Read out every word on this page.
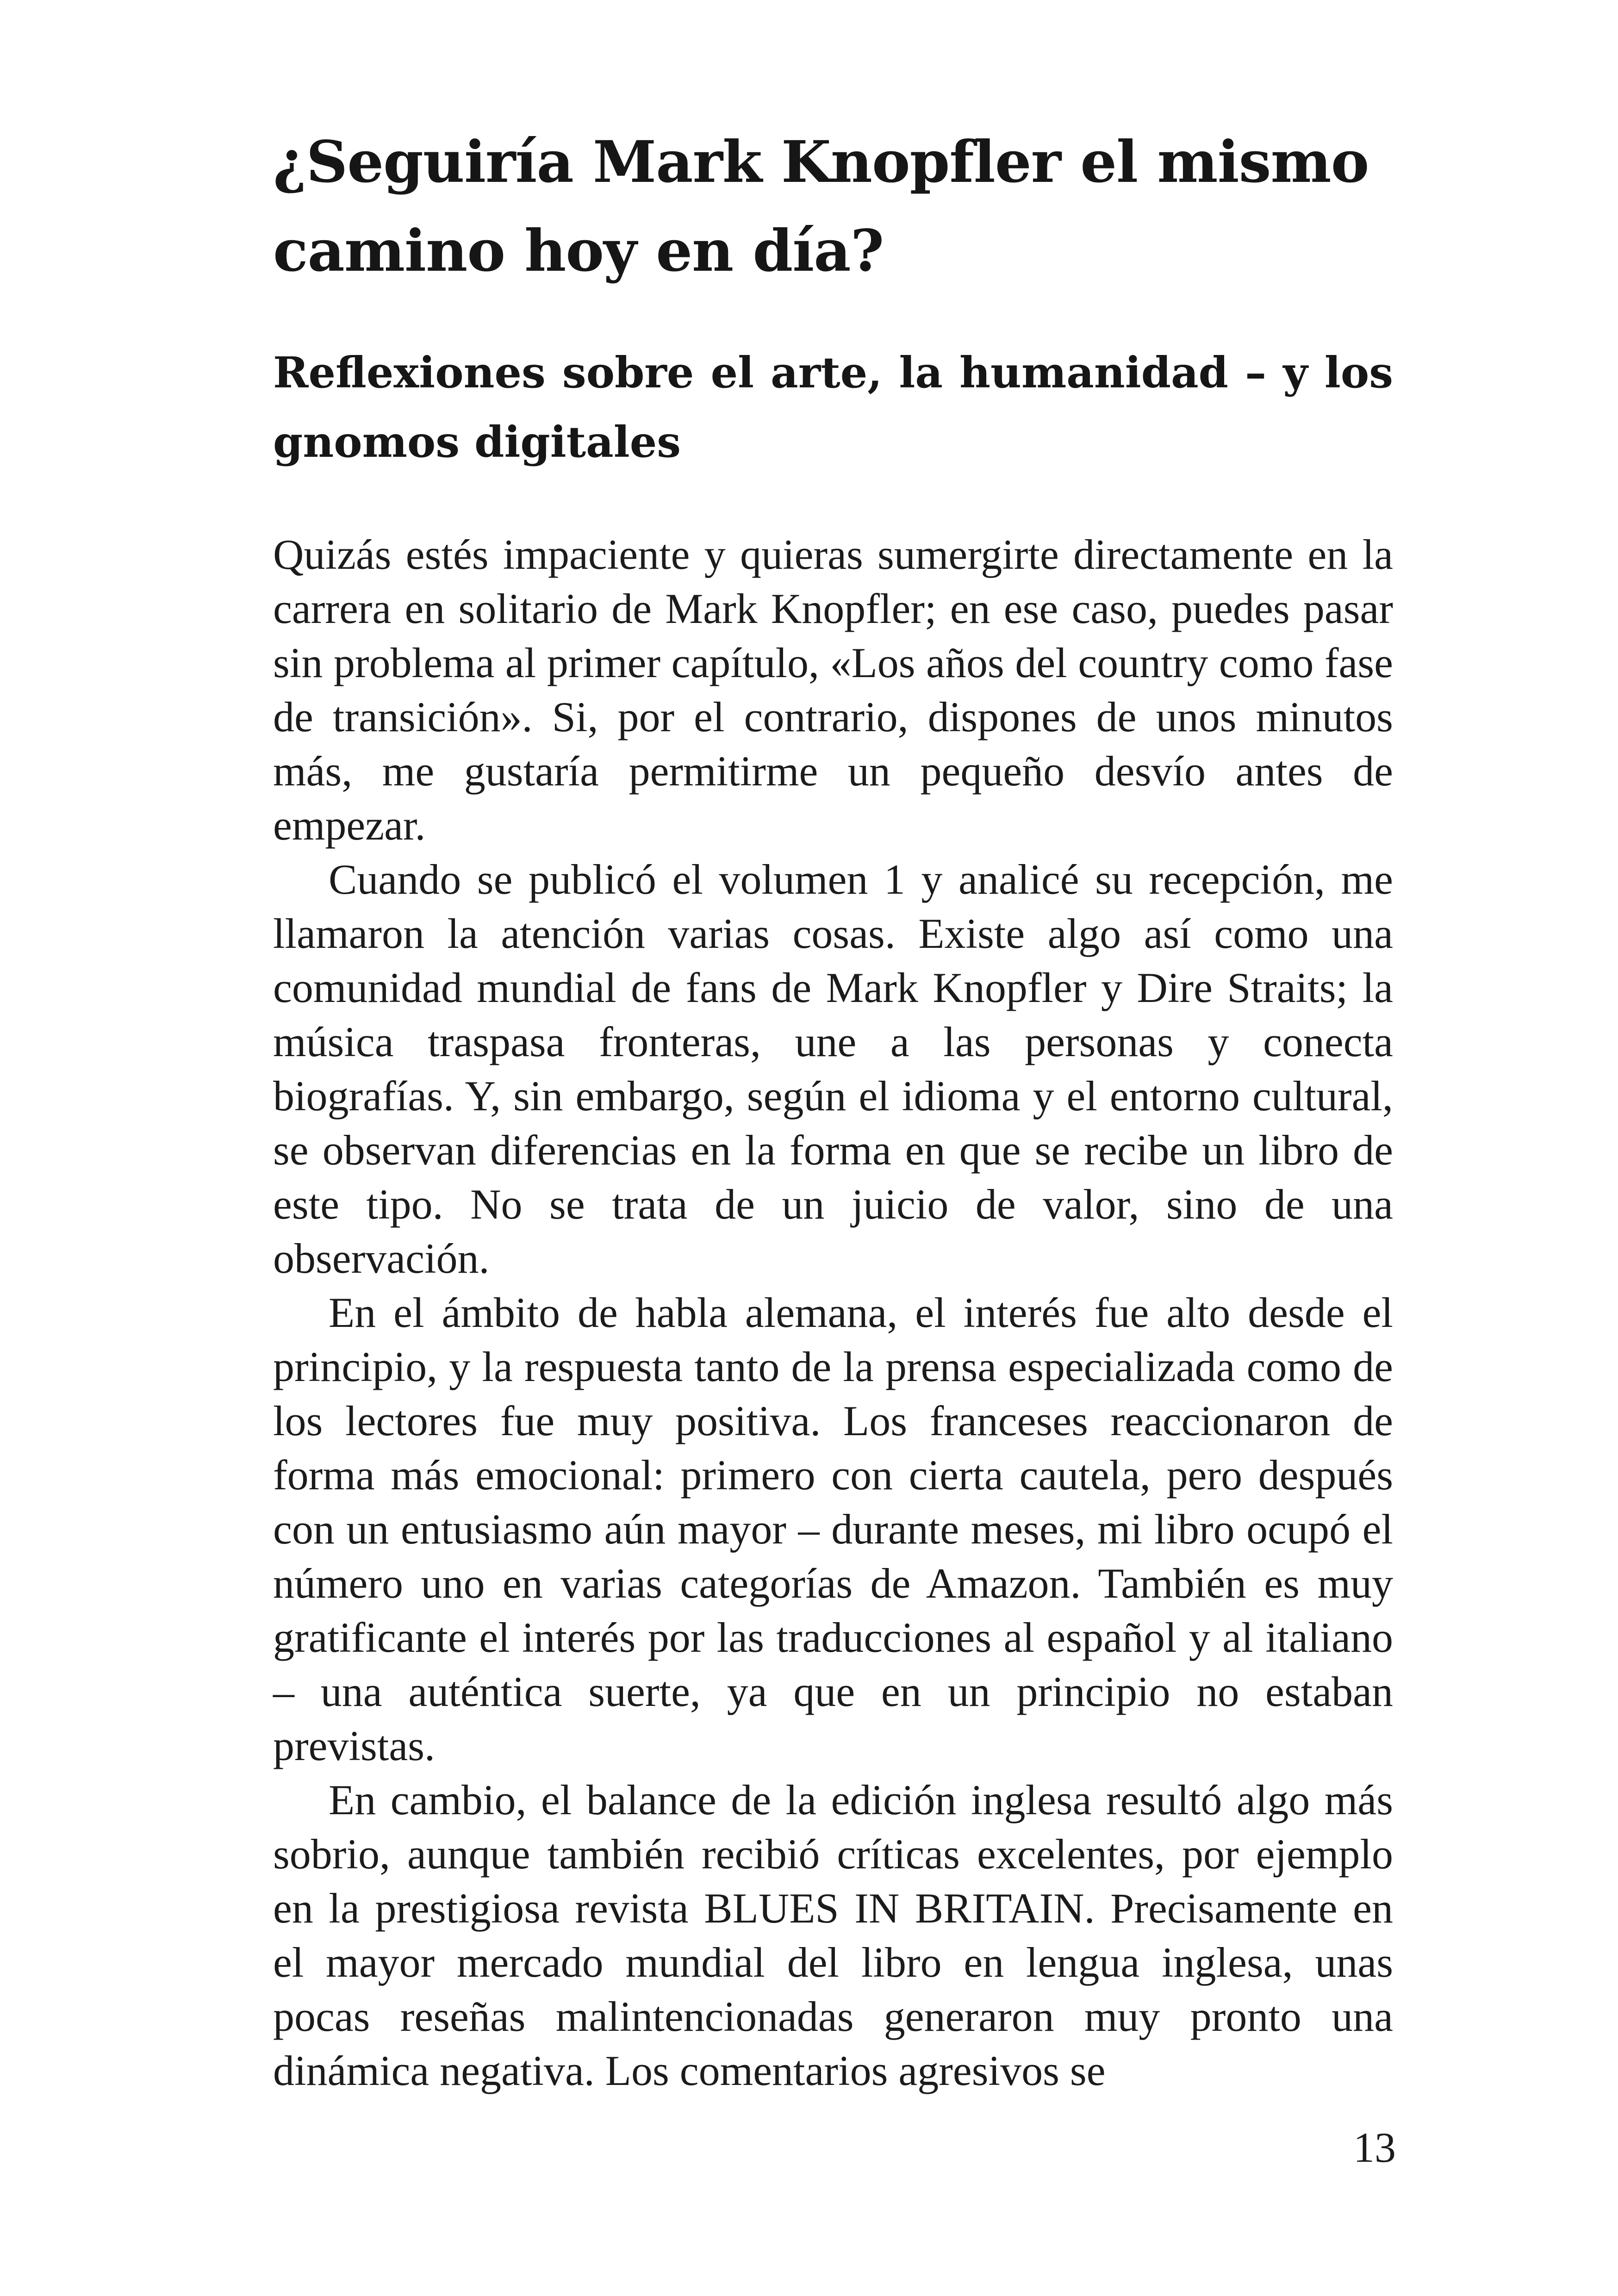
¿Seguiría Mark Knopfler el mismo camino hoy en día?
Reflexiones sobre el arte, la humanidad – y los gnomos digitales

Quizás estés impaciente y quieras sumergirte directamente en la carrera en solitario de Mark Knopfler; en ese caso, puedes pasar sin problema al primer capítulo, «Los años del country como fase de transición». Si, por el contrario, dispones de unos minutos más, me gustaría permitirme un pequeño desvío antes de empezar.

Cuando se publicó el volumen 1 y analicé su recepción, me llamaron la atención varias cosas. Existe algo así como una comunidad mundial de fans de Mark Knopfler y Dire Straits; la música traspasa fronteras, une a las personas y conecta biografías. Y, sin embargo, según el idioma y el entorno cultural, se observan diferencias en la forma en que se recibe un libro de este tipo. No se trata de un juicio de valor, sino de una observación.

En el ámbito de habla alemana, el interés fue alto desde el principio, y la respuesta tanto de la prensa especializada como de los lectores fue muy positiva. Los franceses reaccionaron de forma más emocional: primero con cierta cautela, pero después con un entusiasmo aún mayor – durante meses, mi libro ocupó el número uno en varias categorías de Amazon. También es muy gratificante el interés por las traducciones al español y al italiano – una auténtica suerte, ya que en un principio no estaban previstas.

En cambio, el balance de la edición inglesa resultó algo más sobrio, aunque también recibió críticas excelentes, por ejemplo en la prestigiosa revista BLUES IN BRITAIN. Precisamente en el mayor mercado mundial del libro en lengua inglesa, unas pocas reseñas malintencionadas generaron muy pronto una dinámica negativa. Los comentarios agresivos se

13
